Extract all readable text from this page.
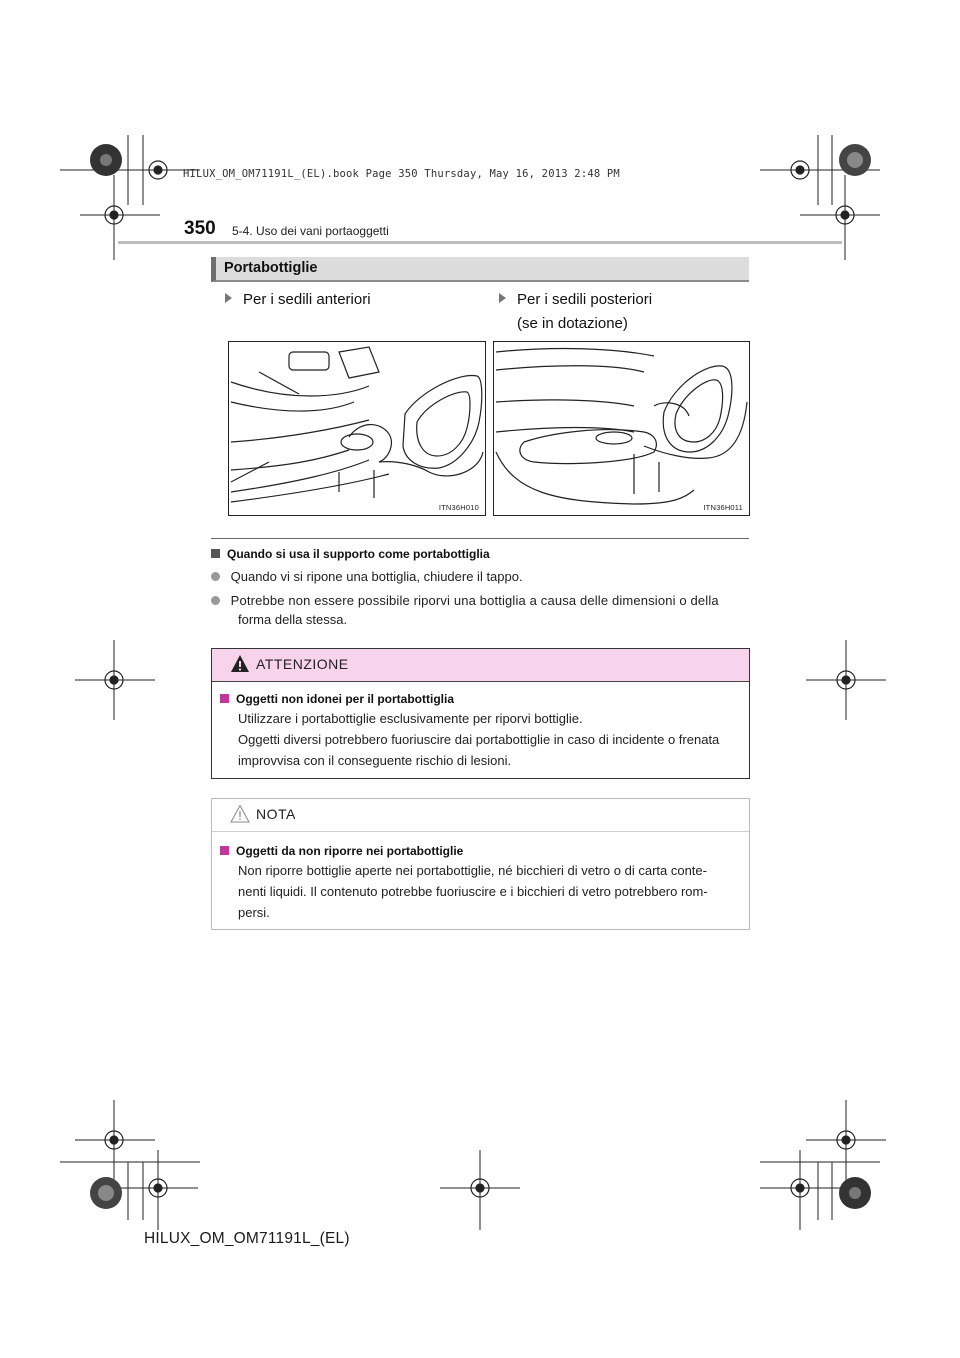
HILUX_OM_OM71191L_(EL).book Page 350 Thursday, May 16, 2013 2:48 PM
350 5-4. Uso dei vani portaoggetti
Portabottiglie
Per i sedili anteriori	Per i sedili posteriori
(se in dotazione)
ITN36H010	ITN36H011
Quando si usa il supporto come portabottiglia
Quando vi si ripone una bottiglia, chiudere il tappo.
Potrebbe non essere possibile riporvi una bottiglia a causa delle dimensioni o della
forma della stessa.
ATTENZIONE
Oggetti non idonei per il portabottiglia
Utilizzare i portabottiglie esclusivamente per riporvi bottiglie.
Oggetti diversi potrebbero fuoriuscire dai portabottiglie in caso di incidente o frenata
improvvisa con il conseguente rischio di lesioni.
NOTA
Oggetti da non riporre nei portabottiglie
Non riporre bottiglie aperte nei portabottiglie, né bicchieri di vetro o di carta conte-
nenti liquidi. Il contenuto potrebbe fuoriuscire e i bicchieri di vetro potrebbero rom-
persi.
HILUX_OM_OM71191L_(EL)
